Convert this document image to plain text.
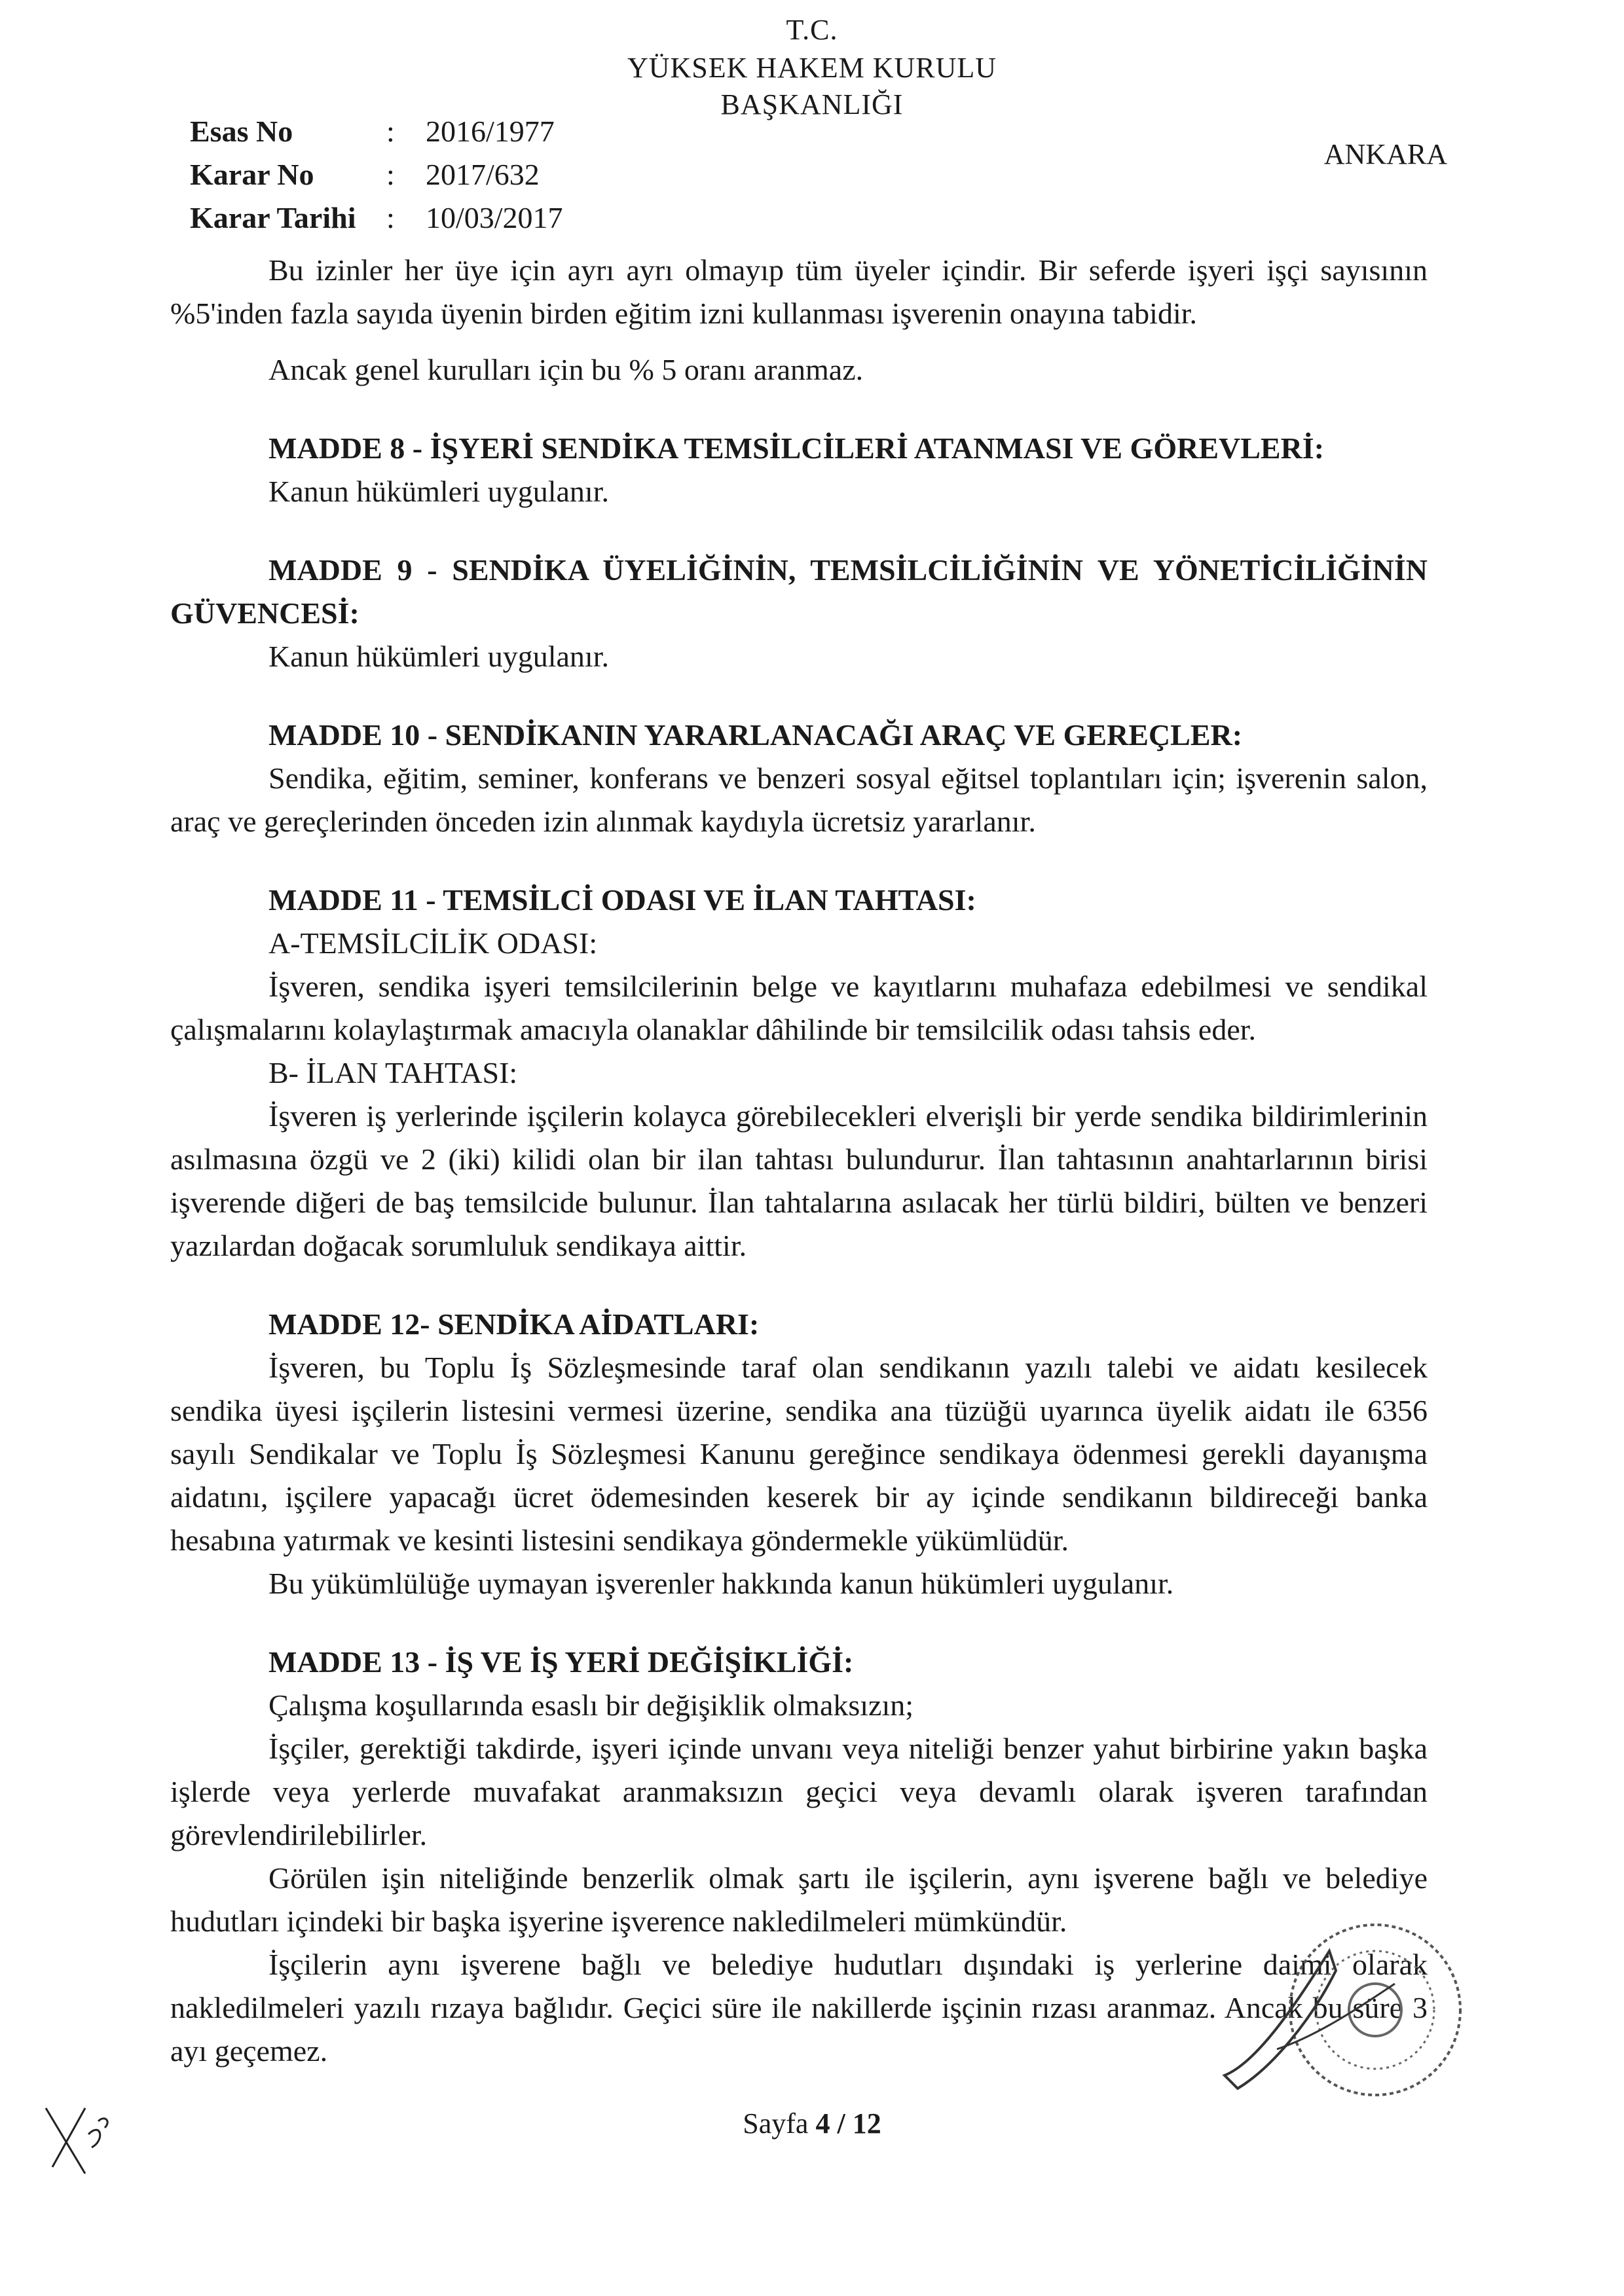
T.C.
YÜKSEK HAKEM KURULU
BAŞKANLIĞI
Esas No	:	2016/1977
Karar No	:	2017/632
Karar Tarihi	:	10/03/2017
ANKARA

Bu izinler her üye için ayrı ayrı olmayıp tüm üyeler içindir. Bir seferde işyeri işçi sayısının %5'inden fazla sayıda üyenin birden eğitim izni kullanması işverenin onayına tabidir.

Ancak genel kurulları için bu % 5 oranı aranmaz.

MADDE 8 - İŞYERİ SENDİKA TEMSİLCİLERİ ATANMASI VE GÖREVLERİ:

Kanun hükümleri uygulanır.

MADDE 9 - SENDİKA ÜYELİĞİNİN, TEMSİLCİLİĞİNİN VE YÖNETİCİLİĞİNİN GÜVENCESİ:

Kanun hükümleri uygulanır.

MADDE 10 - SENDİKANIN YARARLANACAĞI ARAÇ VE GEREÇLER:

Sendika, eğitim, seminer, konferans ve benzeri sosyal eğitsel toplantıları için; işverenin salon, araç ve gereçlerinden önceden izin alınmak kaydıyla ücretsiz yararlanır.

MADDE 11 - TEMSİLCİ ODASI VE İLAN TAHTASI:

A-TEMSİLCİLİK ODASI:

İşveren, sendika işyeri temsilcilerinin belge ve kayıtlarını muhafaza edebilmesi ve sendikal çalışmalarını kolaylaştırmak amacıyla olanaklar dâhilinde bir temsilcilik odası tahsis eder.

B- İLAN TAHTASI:

İşveren iş yerlerinde işçilerin kolayca görebilecekleri elverişli bir yerde sendika bildirimlerinin asılmasına özgü ve 2 (iki) kilidi olan bir ilan tahtası bulundurur. İlan tahtasının anahtarlarının birisi işverende diğeri de baş temsilcide bulunur. İlan tahtalarına asılacak her türlü bildiri, bülten ve benzeri yazılardan doğacak sorumluluk sendikaya aittir.

MADDE 12- SENDİKA AİDATLARI:

İşveren, bu Toplu İş Sözleşmesinde taraf olan sendikanın yazılı talebi ve aidatı kesilecek sendika üyesi işçilerin listesini vermesi üzerine, sendika ana tüzüğü uyarınca üyelik aidatı ile 6356 sayılı Sendikalar ve Toplu İş Sözleşmesi Kanunu gereğince sendikaya ödenmesi gerekli dayanışma aidatını, işçilere yapacağı ücret ödemesinden keserek bir ay içinde sendikanın bildireceği banka hesabına yatırmak ve kesinti listesini sendikaya göndermekle yükümlüdür.

Bu yükümlülüğe uymayan işverenler hakkında kanun hükümleri uygulanır.

MADDE 13 - İŞ VE İŞ YERİ DEĞİŞİKLİĞİ:

Çalışma koşullarında esaslı bir değişiklik olmaksızın;

İşçiler, gerektiği takdirde, işyeri içinde unvanı veya niteliği benzer yahut birbirine yakın başka işlerde veya yerlerde muvafakat aranmaksızın geçici veya devamlı olarak işveren tarafından görevlendirilebilirler.

Görülen işin niteliğinde benzerlik olmak şartı ile işçilerin, aynı işverene bağlı ve belediye hudutları içindeki bir başka işyerine işverence nakledilmeleri mümkündür.

İşçilerin aynı işverene bağlı ve belediye hudutları dışındaki iş yerlerine daimi olarak nakledilmeleri yazılı rızaya bağlıdır. Geçici süre ile nakillerde işçinin rızası aranmaz. Ancak bu süre 3 ayı geçemez.

Sayfa 4 / 12
